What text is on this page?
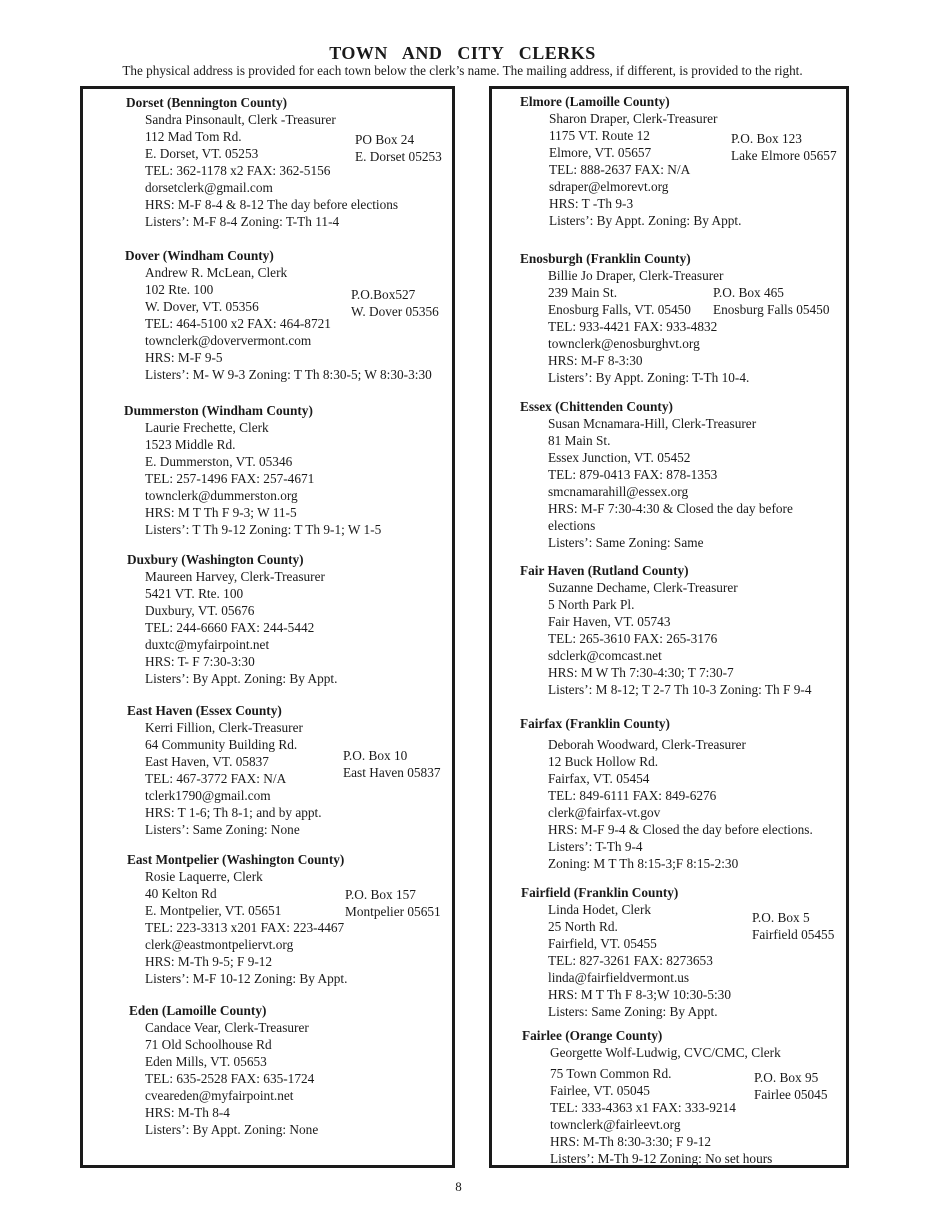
TOWN AND CITY CLERKS
The physical address is provided for each town below the clerk’s name. The mailing address, if different, is provided to the right.
Dorset (Bennington County)
Sandra Pinsonault, Clerk -Treasurer
112 Mad Tom Rd.
E. Dorset, VT. 05253
TEL: 362-1178 x2 FAX: 362-5156
dorsetclerk@gmail.com
HRS: M-F 8-4 & 8-12 The day before elections
Listers’: M-F 8-4 Zoning: T-Th 11-4
PO Box 24
E. Dorset 05253
Dover (Windham County)
Andrew R. McLean, Clerk
102 Rte. 100
W. Dover, VT. 05356
TEL: 464-5100 x2 FAX: 464-8721
townclerk@doververmont.com
HRS: M-F 9-5
Listers’: M- W 9-3 Zoning: T Th 8:30-5; W 8:30-3:30
P.O.Box527
W. Dover 05356
Dummerston (Windham County)
Laurie Frechette, Clerk
1523 Middle Rd.
E. Dummerston, VT. 05346
TEL: 257-1496 FAX: 257-4671
townclerk@dummerston.org
HRS: M T Th F 9-3; W 11-5
Listers’: T Th 9-12 Zoning: T Th 9-1; W 1-5
Duxbury (Washington County)
Maureen Harvey, Clerk-Treasurer
5421 VT. Rte. 100
Duxbury, VT. 05676
TEL: 244-6660 FAX: 244-5442
duxtc@myfairpoint.net
HRS: T- F 7:30-3:30
Listers’: By Appt. Zoning: By Appt.
East Haven (Essex County)
Kerri Fillion, Clerk-Treasurer
64 Community Building Rd.
East Haven, VT. 05837
TEL: 467-3772 FAX: N/A
tclerk1790@gmail.com
HRS: T 1-6; Th 8-1; and by appt.
Listers’: Same Zoning: None
P.O. Box 10
East Haven 05837
East Montpelier (Washington County)
Rosie Laquerre, Clerk
40 Kelton Rd
E. Montpelier, VT. 05651
TEL: 223-3313 x201 FAX: 223-4467
clerk@eastmontpeliervt.org
HRS: M-Th 9-5; F 9-12
Listers’: M-F 10-12 Zoning: By Appt.
P.O. Box 157
Montpelier 05651
Eden (Lamoille County)
Candace Vear, Clerk-Treasurer
71 Old Schoolhouse Rd
Eden Mills, VT. 05653
TEL: 635-2528 FAX: 635-1724
cveareden@myfairpoint.net
HRS: M-Th 8-4
Listers’: By Appt. Zoning: None
Elmore (Lamoille County)
Sharon Draper, Clerk-Treasurer
1175 VT. Route 12
Elmore, VT. 05657
TEL: 888-2637 FAX: N/A
sdraper@elmorevt.org
HRS: T -Th 9-3
Listers’: By Appt. Zoning: By Appt.
P.O. Box 123
Lake Elmore 05657
Enosburgh (Franklin County)
Billie Jo Draper, Clerk-Treasurer
239 Main St.
Enosburg Falls, VT. 05450
TEL: 933-4421 FAX: 933-4832
townclerk@enosburghvt.org
HRS: M-F 8-3:30
Listers’: By Appt. Zoning: T-Th 10-4.
P.O. Box 465
Enosburg Falls 05450
Essex (Chittenden County)
Susan Mcnamara-Hill, Clerk-Treasurer
81 Main St.
Essex Junction, VT. 05452
TEL: 879-0413 FAX: 878-1353
smcnamarahill@essex.org
HRS: M-F 7:30-4:30 & Closed the day before
elections
Listers’: Same Zoning: Same
Fair Haven (Rutland County)
Suzanne Dechame, Clerk-Treasurer
5 North Park Pl.
Fair Haven, VT. 05743
TEL: 265-3610 FAX: 265-3176
sdclerk@comcast.net
HRS: M W Th 7:30-4:30; T 7:30-7
Listers’: M 8-12; T 2-7 Th 10-3 Zoning: Th F 9-4
Fairfax (Franklin County)
Deborah Woodward, Clerk-Treasurer
12 Buck Hollow Rd.
Fairfax, VT. 05454
TEL: 849-6111 FAX: 849-6276
clerk@fairfax-vt.gov
HRS: M-F 9-4 & Closed the day before elections.
Listers’: T-Th 9-4
Zoning: M T Th 8:15-3;F 8:15-2:30
Fairfield (Franklin County)
Linda Hodet, Clerk
25 North Rd.
Fairfield, VT. 05455
TEL: 827-3261 FAX: 8273653
linda@fairfieldvermont.us
HRS: M T Th F 8-3;W 10:30-5:30
Listers: Same Zoning: By Appt.
P.O. Box 5
Fairfield 05455
Fairlee (Orange County)
Georgette Wolf-Ludwig, CVC/CMC, Clerk
75 Town Common Rd.
Fairlee, VT. 05045
TEL: 333-4363 x1 FAX: 333-9214
townclerk@fairleevt.org
HRS: M-Th 8:30-3:30; F 9-12
Listers’: M-Th 9-12 Zoning: No set hours
P.O. Box 95
Fairlee 05045
8
